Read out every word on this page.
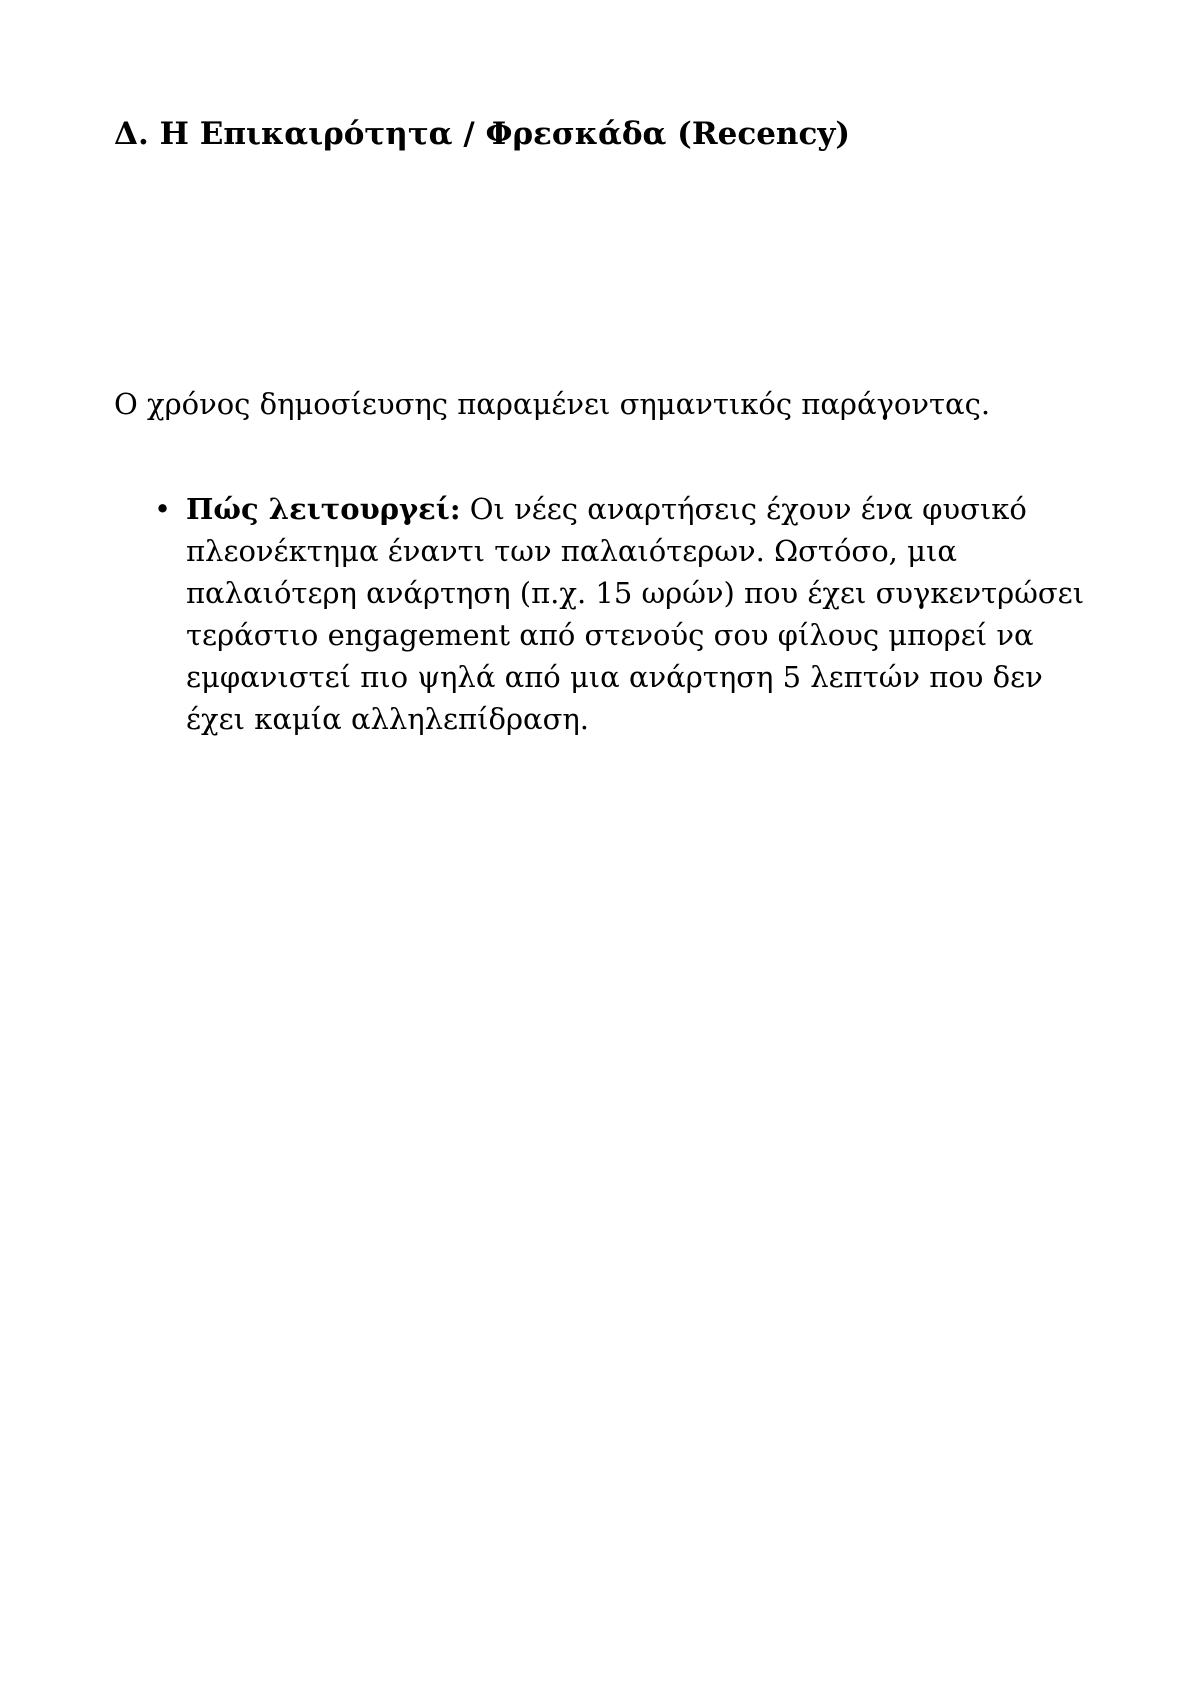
Δ. Η Επικαιρότητα / Φρεσκάδα (Recency)

Ο χρόνος δημοσίευσης παραμένει σημαντικός παράγοντας.

• Πώς λειτουργεί: Οι νέες αναρτήσεις έχουν ένα φυσικό πλεονέκτημα έναντι των παλαιότερων. Ωστόσο, μια παλαιότερη ανάρτηση (π.χ. 15 ωρών) που έχει συγκεντρώσει τεράστιο engagement από στενούς σου φίλους μπορεί να εμφανιστεί πιο ψηλά από μια ανάρτηση 5 λεπτών που δεν έχει καμία αλληλεπίδραση.
